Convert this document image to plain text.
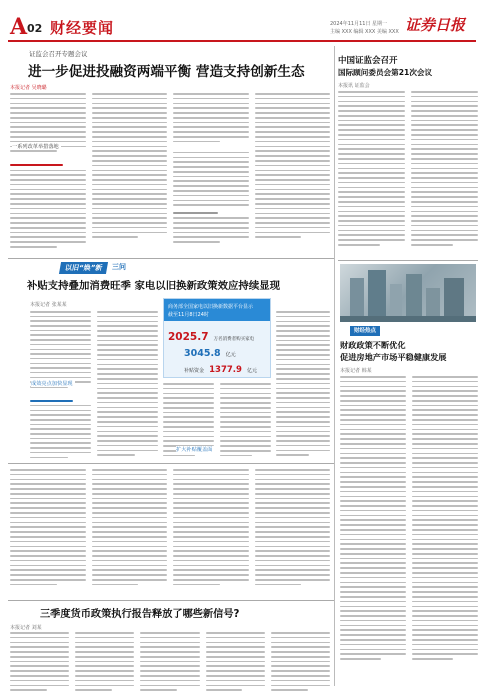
A 02 财经要闻	2024年11月11日 星期一
主编 XXX 编辑 XXX 美编 XXX 证券日报
证监会召开专题会议
进一步促进投融资两端平衡 营造支持创新生态
本报记者 吴晓璐
一系列改革举措落地
中国证监会召开
国际顾问委员会第21次会议
本报讯 证监会
以旧“焕”新	三问
补贴支持叠加消费旺季 家电以旧换新政策效应持续显现
本报记者 张某某
成效亮点加快显现
商务部全国家电以旧换新数据平台显示
截至11月8日24时
2025.7 万名消费者购买家电
3045.8 亿元
补贴资金 1377.9 亿元
扩大补贴覆盖面
三季度货币政策执行报告释放了哪些新信号?
本报记者 刘某
财经热点
财政政策不断优化
促进房地产市场平稳健康发展
本报记者 韩某
